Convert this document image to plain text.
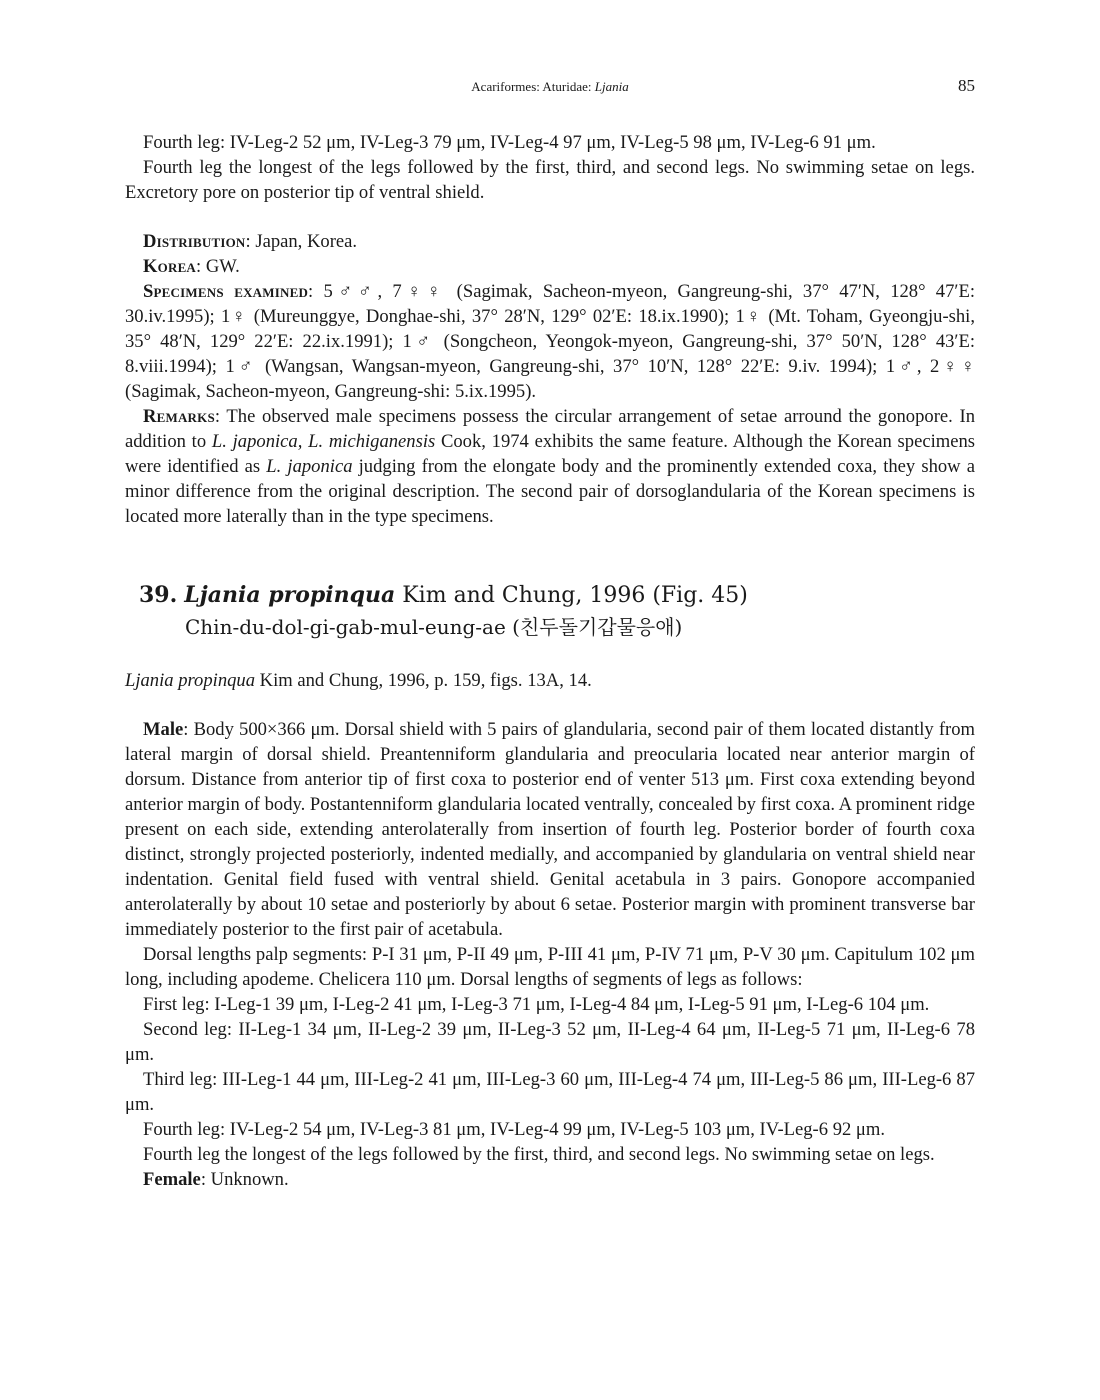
Acariformes: Aturidae: Ljania	85

Fourth leg: IV-Leg-2 52 μm, IV-Leg-3 79 μm, IV-Leg-4 97 μm, IV-Leg-5 98 μm, IV-Leg-6 91 μm.

Fourth leg the longest of the legs followed by the first, third, and second legs. No swimming setae on legs. Excretory pore on posterior tip of ventral shield.

Distribution: Japan, Korea.

Korea: GW.

Specimens examined: 5♂♂, 7♀♀ (Sagimak, Sacheon-myeon, Gangreung-shi, 37° 47′N, 128° 47′E: 30.iv.1995); 1♀ (Mureunggye, Donghae-shi, 37° 28′N, 129° 02′E: 18.ix.1990); 1♀ (Mt. Toham, Gyeongju-shi, 35° 48′N, 129° 22′E: 22.ix.1991); 1♂ (Songcheon, Yeongok-myeon, Gangreung-shi, 37° 50′N, 128° 43′E: 8.viii.1994); 1♂ (Wangsan, Wangsan-myeon, Gangreung-shi, 37° 10′N, 128° 22′E: 9.iv. 1994); 1♂, 2♀♀ (Sagimak, Sacheon-myeon, Gangreung-shi: 5.ix.1995).

Remarks: The observed male specimens possess the circular arrangement of setae arround the gonopore. In addition to L. japonica, L. michiganensis Cook, 1974 exhibits the same feature. Although the Korean specimens were identified as L. japonica judging from the elongate body and the prominently extended coxa, they show a minor difference from the original description. The second pair of dorsoglandularia of the Korean specimens is located more laterally than in the type specimens.

39. Ljania propinqua Kim and Chung, 1996 (Fig. 45)

Chin-du-dol-gi-gab-mul-eung-ae (친두돌기갑물응애)

Ljania propinqua Kim and Chung, 1996, p. 159, figs. 13A, 14.

Male: Body 500×366 μm. Dorsal shield with 5 pairs of glandularia, second pair of them located distantly from lateral margin of dorsal shield. Preantenniform glandularia and preocularia located near anterior margin of dorsum. Distance from anterior tip of first coxa to posterior end of venter 513 μm. First coxa extending beyond anterior margin of body. Postantenniform glandularia located ventrally, concealed by first coxa. A prominent ridge present on each side, extending anterolaterally from insertion of fourth leg. Posterior border of fourth coxa distinct, strongly projected posteriorly, indented medially, and accompanied by glandularia on ventral shield near indentation. Genital field fused with ventral shield. Genital acetabula in 3 pairs. Gonopore accompanied anterolaterally by about 10 setae and posteriorly by about 6 setae. Posterior margin with prominent transverse bar immediately posterior to the first pair of acetabula.

Dorsal lengths palp segments: P-I 31 μm, P-II 49 μm, P-III 41 μm, P-IV 71 μm, P-V 30 μm. Capitulum 102 μm long, including apodeme. Chelicera 110 μm. Dorsal lengths of segments of legs as follows:

First leg: I-Leg-1 39 μm, I-Leg-2 41 μm, I-Leg-3 71 μm, I-Leg-4 84 μm, I-Leg-5 91 μm, I-Leg-6 104 μm.

Second leg: II-Leg-1 34 μm, II-Leg-2 39 μm, II-Leg-3 52 μm, II-Leg-4 64 μm, II-Leg-5 71 μm, II-Leg-6 78 μm.

Third leg: III-Leg-1 44 μm, III-Leg-2 41 μm, III-Leg-3 60 μm, III-Leg-4 74 μm, III-Leg-5 86 μm, III-Leg-6 87 μm.

Fourth leg: IV-Leg-2 54 μm, IV-Leg-3 81 μm, IV-Leg-4 99 μm, IV-Leg-5 103 μm, IV-Leg-6 92 μm.

Fourth leg the longest of the legs followed by the first, third, and second legs. No swimming setae on legs.

Female: Unknown.
